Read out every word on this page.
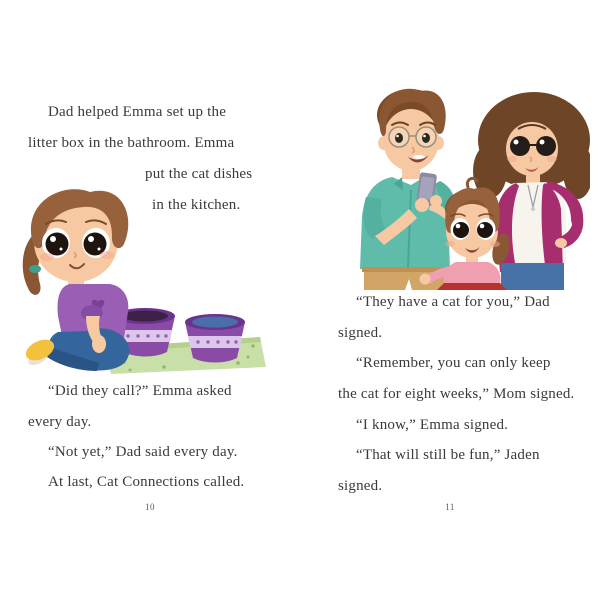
Dad helped Emma set up the
litter box in the bathroom. Emma
put the cat dishes
in the kitchen.
“Did they call?” Emma asked
every day.
“Not yet,” Dad said every day.
At last, Cat Connections called.
10
“They have a cat for you,” Dad
signed.
“Remember, you can only keep
the cat for eight weeks,” Mom signed.
“I know,” Emma signed.
“That will still be fun,” Jaden
signed.
11
